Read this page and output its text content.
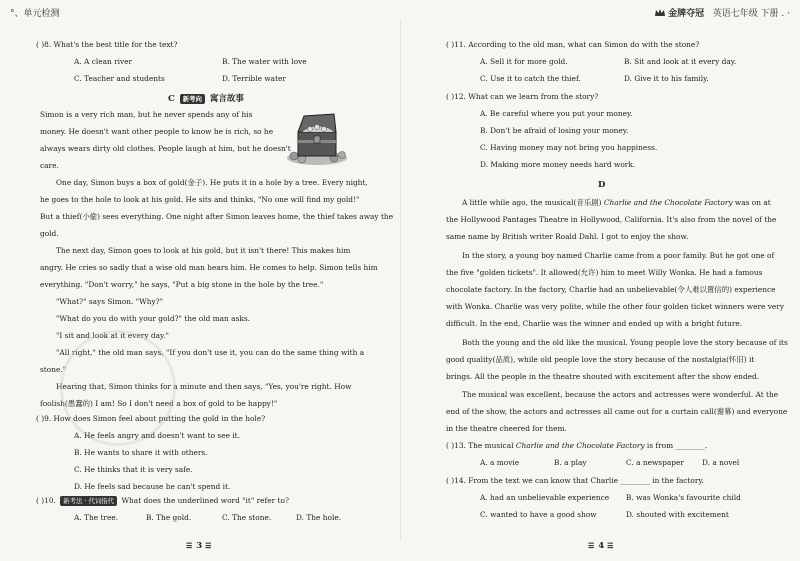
°、单元检测
( )8. What's the best title for the text?
A. A clean river	B. The water with love
C. Teacher and students	D. Terrible water
C 新考向 寓言故事
Simon is a very rich man, but he never spends any of his
money. He doesn't want other people to know he is rich, so he
always wears dirty old clothes. People laugh at him, but he doesn't
care.
One day, Simon buys a box of gold(金子). He puts it in a hole by a tree. Every night,
he goes to the hole to look at his gold. He sits and thinks, "No one will find my gold!"
But a thief(小偷) sees everything. One night after Simon leaves home, the thief takes away the
gold.
The next day, Simon goes to look at his gold, but it isn't there! This makes him
angry. He cries so sadly that a wise old man hears him. He comes to help. Simon tells him
everything. "Don't worry," he says, "Put a big stone in the hole by the tree."
"What?" says Simon. "Why?"
"What do you do with your gold?" the old man asks.
"I sit and look at it every day."
"All right," the old man says, "If you don't use it, you can do the same thing with a
stone."
Hearing that, Simon thinks for a minute and then says, "Yes, you're right. How
foolish(愚蠢的) I am! So I don't need a box of gold to be happy!"
( )9. How does Simon feel about putting the gold in the hole?
A. He feels angry and doesn't want to see it.
B. He wants to share it with others.
C. He thinks that it is very safe.
D. He feels sad because he can't spend it.
( )10. 新考法 · 代词指代 What does the underlined word "it" refer to?
A. The tree.	B. The gold.	C. The stone.	D. The hole.
☰ 3 ☰
金牌夺冠 英语七年级 下册 . ·
( )11. According to the old man, what can Simon do with the stone?
A. Sell it for more gold.	B. Sit and look at it every day.
C. Use it to catch the thief.	D. Give it to his family.
( )12. What can we learn from the story?
A. Be careful where you put your money.
B. Don't be afraid of losing your money.
C. Having money may not bring you happiness.
D. Making more money needs hard work.
D
A little while ago, the musical(音乐剧) Charlie and the Chocolate Factory was on at
the Hollywood Pantages Theatre in Hollywood, California. It's also from the novel of the
same name by British writer Roald Dahl. I got to enjoy the show.
In the story, a young boy named Charlie came from a poor family. But he got one of
the five "golden tickets". It allowed(允许) him to meet Willy Wonka. He had a famous
chocolate factory. In the factory, Charlie had an unbelievable(令人难以置信的) experience
with Wonka. Charlie was very polite, while the other four golden ticket winners were very
difficult. In the end, Charlie was the winner and ended up with a bright future.
Both the young and the old like the musical. Young people love the story because of its
good quality(品质), while old people love the story because of the nostalgia(怀旧) it
brings. All the people in the theatre shouted with excitement after the show ended.
The musical was excellent, because the actors and actresses were wonderful. At the
end of the show, the actors and actresses all came out for a curtain call(谢幕) and everyone
in the theatre cheered for them.
( )13. The musical Charlie and the Chocolate Factory is from ________.
A. a movie	B. a play	C. a newspaper D. a novel
( )14. From the text we can know that Charlie ________ in the factory.
A. had an unbelievable experience B. was Wonka's favourite child
C. wanted to have a good show	D. shouted with excitement
☰ 4 ☰
